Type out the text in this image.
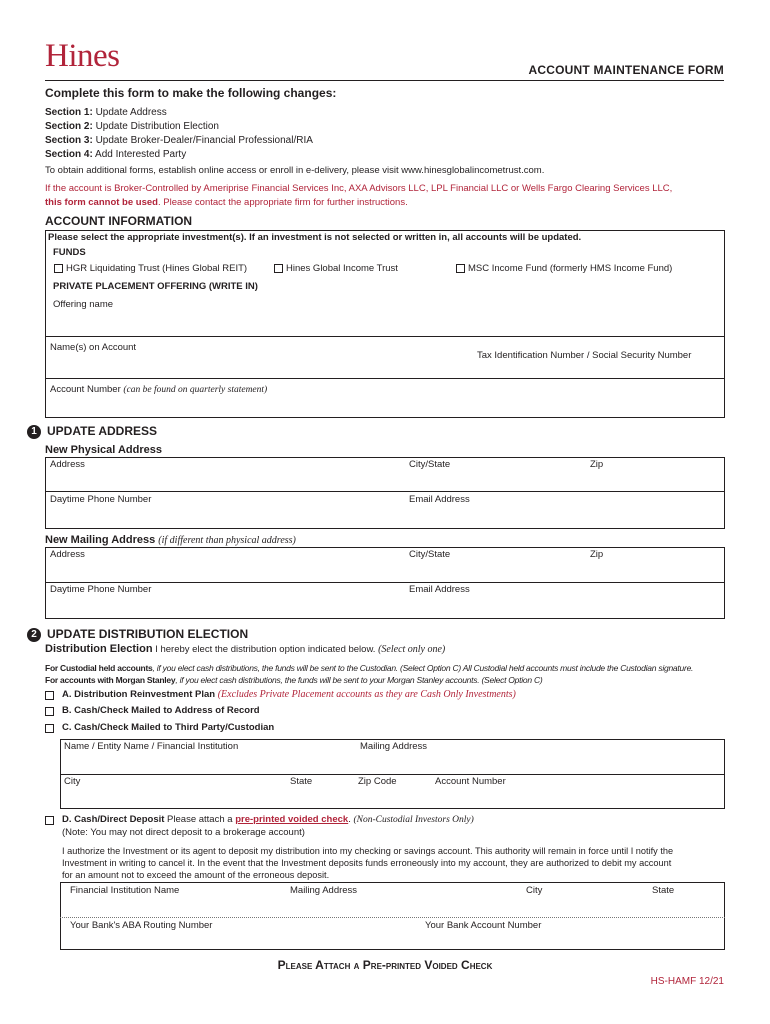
Hines	ACCOUNT MAINTENANCE FORM
Complete this form to make the following changes:
Section 1: Update Address
Section 2: Update Distribution Election
Section 3: Update Broker-Dealer/Financial Professional/RIA
Section 4: Add Interested Party
To obtain additional forms, establish online access or enroll in e-delivery, please visit www.hinesglobalincometrust.com.
If the account is Broker-Controlled by Ameriprise Financial Services Inc, AXA Advisors LLC, LPL Financial LLC or Wells Fargo Clearing Services LLC,
this form cannot be used. Please contact the appropriate firm for further instructions.
ACCOUNT INFORMATION
Please select the appropriate investment(s). If an investment is not selected or written in, all accounts will be updated.
FUNDS
HGR Liquidating Trust (Hines Global REIT)	Hines Global Income Trust	MSC Income Fund (formerly HMS Income Fund)
PRIVATE PLACEMENT OFFERING (WRITE IN)
Offering name
Name(s) on Account
Tax Identification Number / Social Security Number
Account Number (can be found on quarterly statement)
1 UPDATE ADDRESS
New Physical Address
Address	City/State	Zip
Daytime Phone Number	Email Address
New Mailing Address (if different than physical address)
Address	City/State	Zip
Daytime Phone Number	Email Address
2 UPDATE DISTRIBUTION ELECTION
Distribution Election I hereby elect the distribution option indicated below. (Select only one)
For Custodial held accounts, if you elect cash distributions, the funds will be sent to the Custodian. (Select Option C) All Custodial held accounts must include the Custodian signature.
For accounts with Morgan Stanley, if you elect cash distributions, the funds will be sent to your Morgan Stanley accounts. (Select Option C)
A. Distribution Reinvestment Plan (Excludes Private Placement accounts as they are Cash Only Investments)
B. Cash/Check Mailed to Address of Record
C. Cash/Check Mailed to Third Party/Custodian
Name / Entity Name / Financial Institution	Mailing Address
City	State	Zip Code	Account Number
D. Cash/Direct Deposit Please attach a pre-printed voided check. (Non-Custodial Investors Only)
(Note: You may not direct deposit to a brokerage account)
I authorize the Investment or its agent to deposit my distribution into my checking or savings account. This authority will remain in force until I notify the
Investment in writing to cancel it. In the event that the Investment deposits funds erroneously into my account, they are authorized to debit my account
for an amount not to exceed the amount of the erroneous deposit.
Financial Institution Name	Mailing Address	City	State
Your Bank's ABA Routing Number	Your Bank Account Number
Please Attach a Pre-printed Voided Check
HS-HAMF 12/21
